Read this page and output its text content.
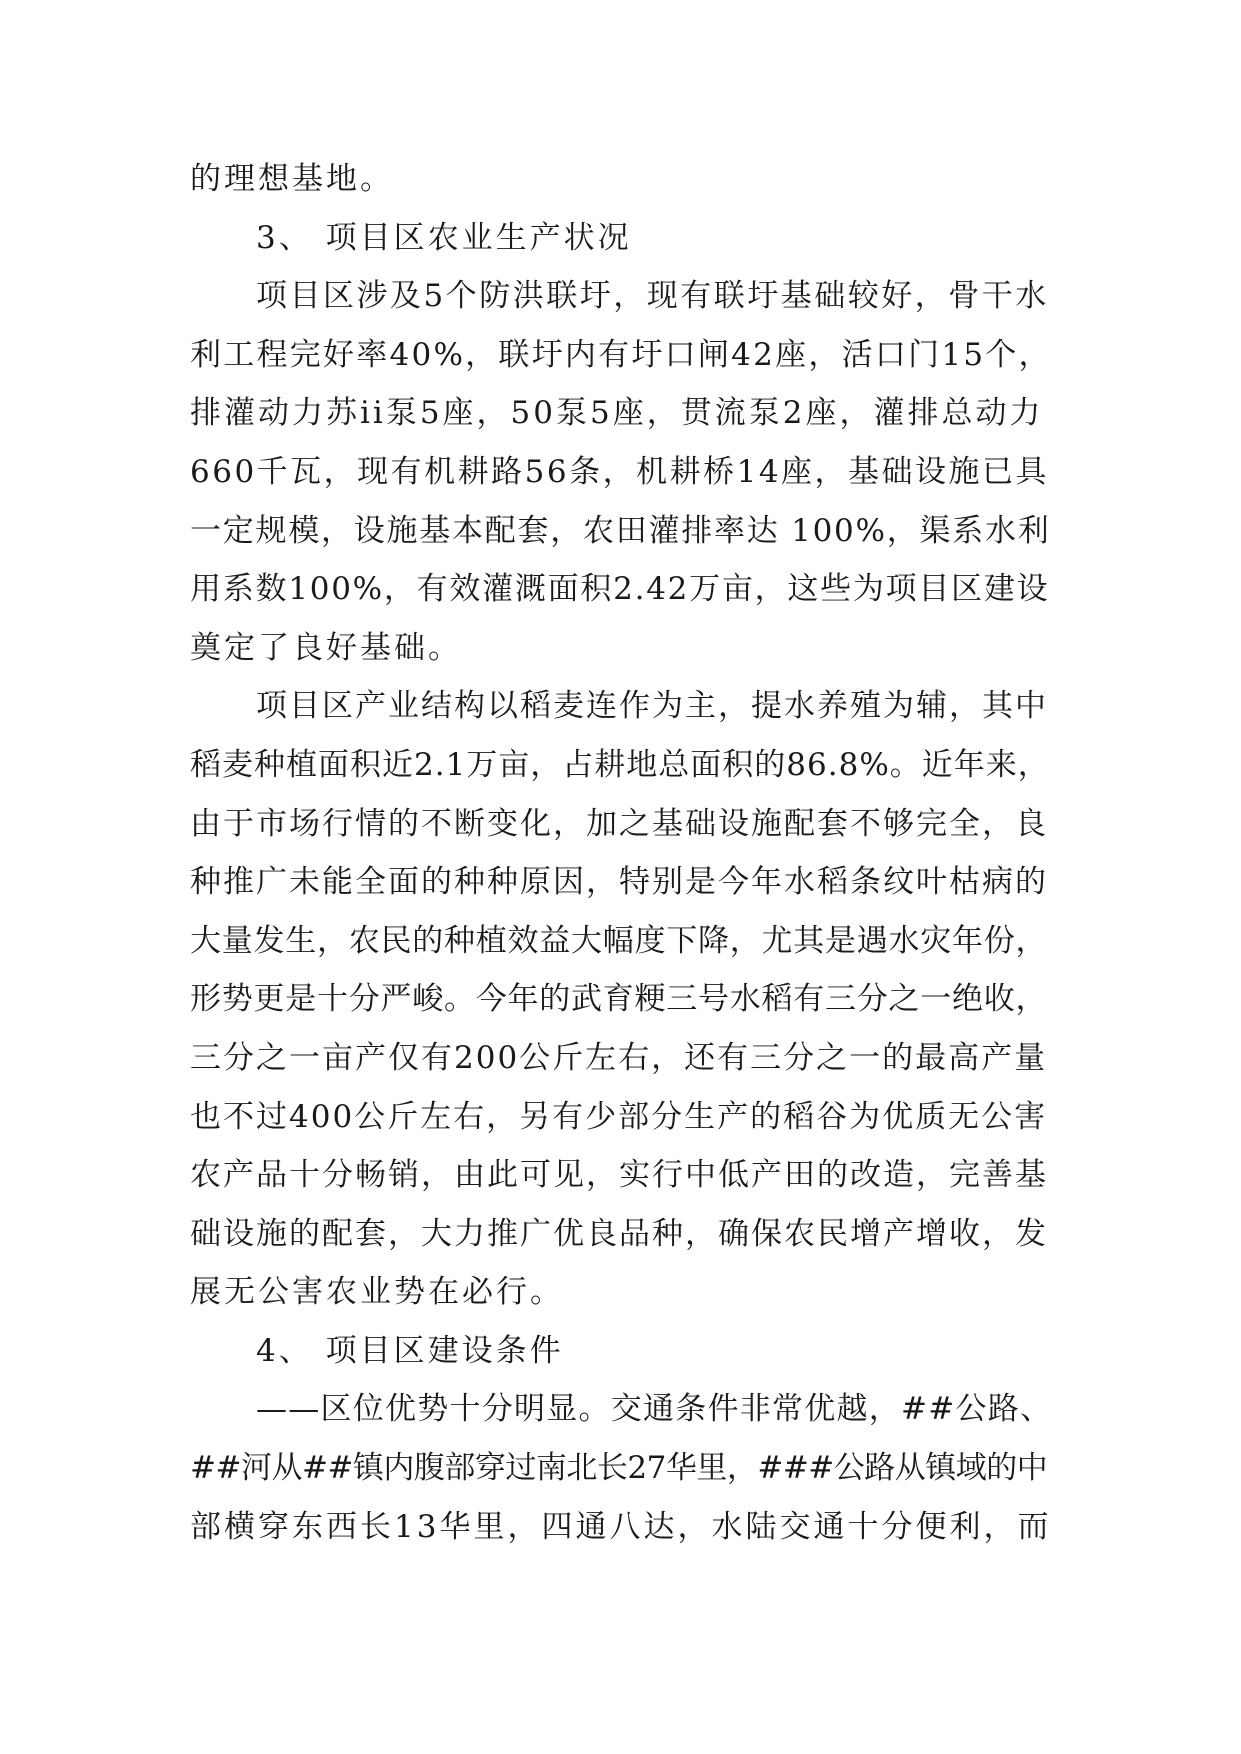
的理想基地。
3、 项目区农业生产状况
项目区涉及5个防洪联圩，现有联圩基础较好，骨干水
利工程完好率40%，联圩内有圩口闸42座，活口门15个，
排灌动力苏ii泵5座，50泵5座，贯流泵2座，灌排总动力
660千瓦，现有机耕路56条，机耕桥14座，基础设施已具
一定规模，设施基本配套，农田灌排率达 100%，渠系水利
用系数100%，有效灌溉面积2.42万亩，这些为项目区建设
奠定了良好基础。
项目区产业结构以稻麦连作为主，提水养殖为辅，其中
稻麦种植面积近2.1万亩，占耕地总面积的86.8%。近年来，
由于市场行情的不断变化，加之基础设施配套不够完全，良
种推广未能全面的种种原因，特别是今年水稻条纹叶枯病的
大量发生，农民的种植效益大幅度下降，尤其是遇水灾年份，
形势更是十分严峻。今年的武育粳三号水稻有三分之一绝收，
三分之一亩产仅有200公斤左右，还有三分之一的最高产量
也不过400公斤左右，另有少部分生产的稻谷为优质无公害
农产品十分畅销，由此可见，实行中低产田的改造，完善基
础设施的配套，大力推广优良品种，确保农民增产增收，发
展无公害农业势在必行。
4、 项目区建设条件
——区位优势十分明显。交通条件非常优越，##公路、
##河从##镇内腹部穿过南北长27华里，###公路从镇域的中
部横穿东西长13华里，四通八达，水陆交通十分便利，而
